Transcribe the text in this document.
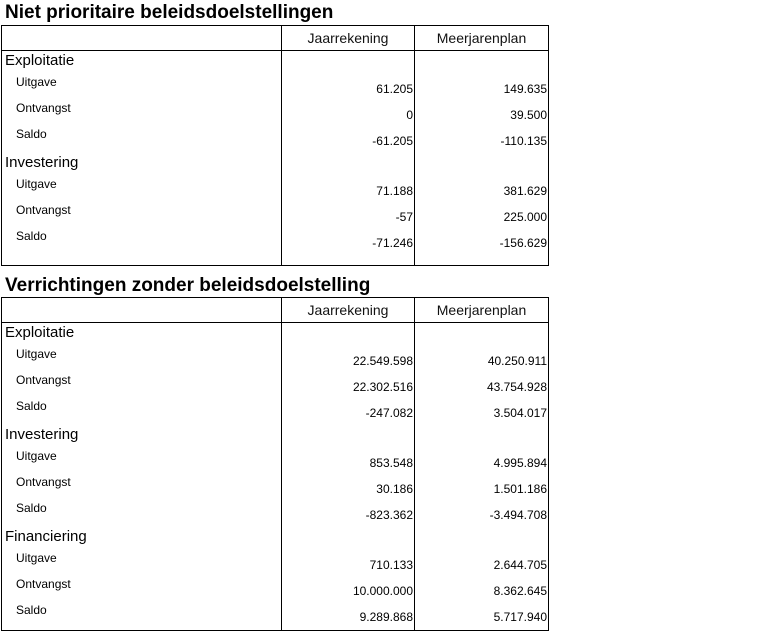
Niet prioritaire beleidsdoelstellingen
Jaarrekening	Meerjarenplan
Exploitatie
Uitgave	61.205	149.635
Ontvangst	0	39.500
Saldo	-61.205	-110.135
Investering
Uitgave	71.188	381.629
Ontvangst	-57	225.000
Saldo	-71.246	-156.629
Verrichtingen zonder beleidsdoelstelling
Jaarrekening	Meerjarenplan
Exploitatie
Uitgave	22.549.598	40.250.911
Ontvangst	22.302.516	43.754.928
Saldo	-247.082	3.504.017
Investering
Uitgave	853.548	4.995.894
Ontvangst	30.186	1.501.186
Saldo	-823.362	-3.494.708
Financiering
Uitgave	710.133	2.644.705
Ontvangst	10.000.000	8.362.645
Saldo	9.289.868	5.717.940
